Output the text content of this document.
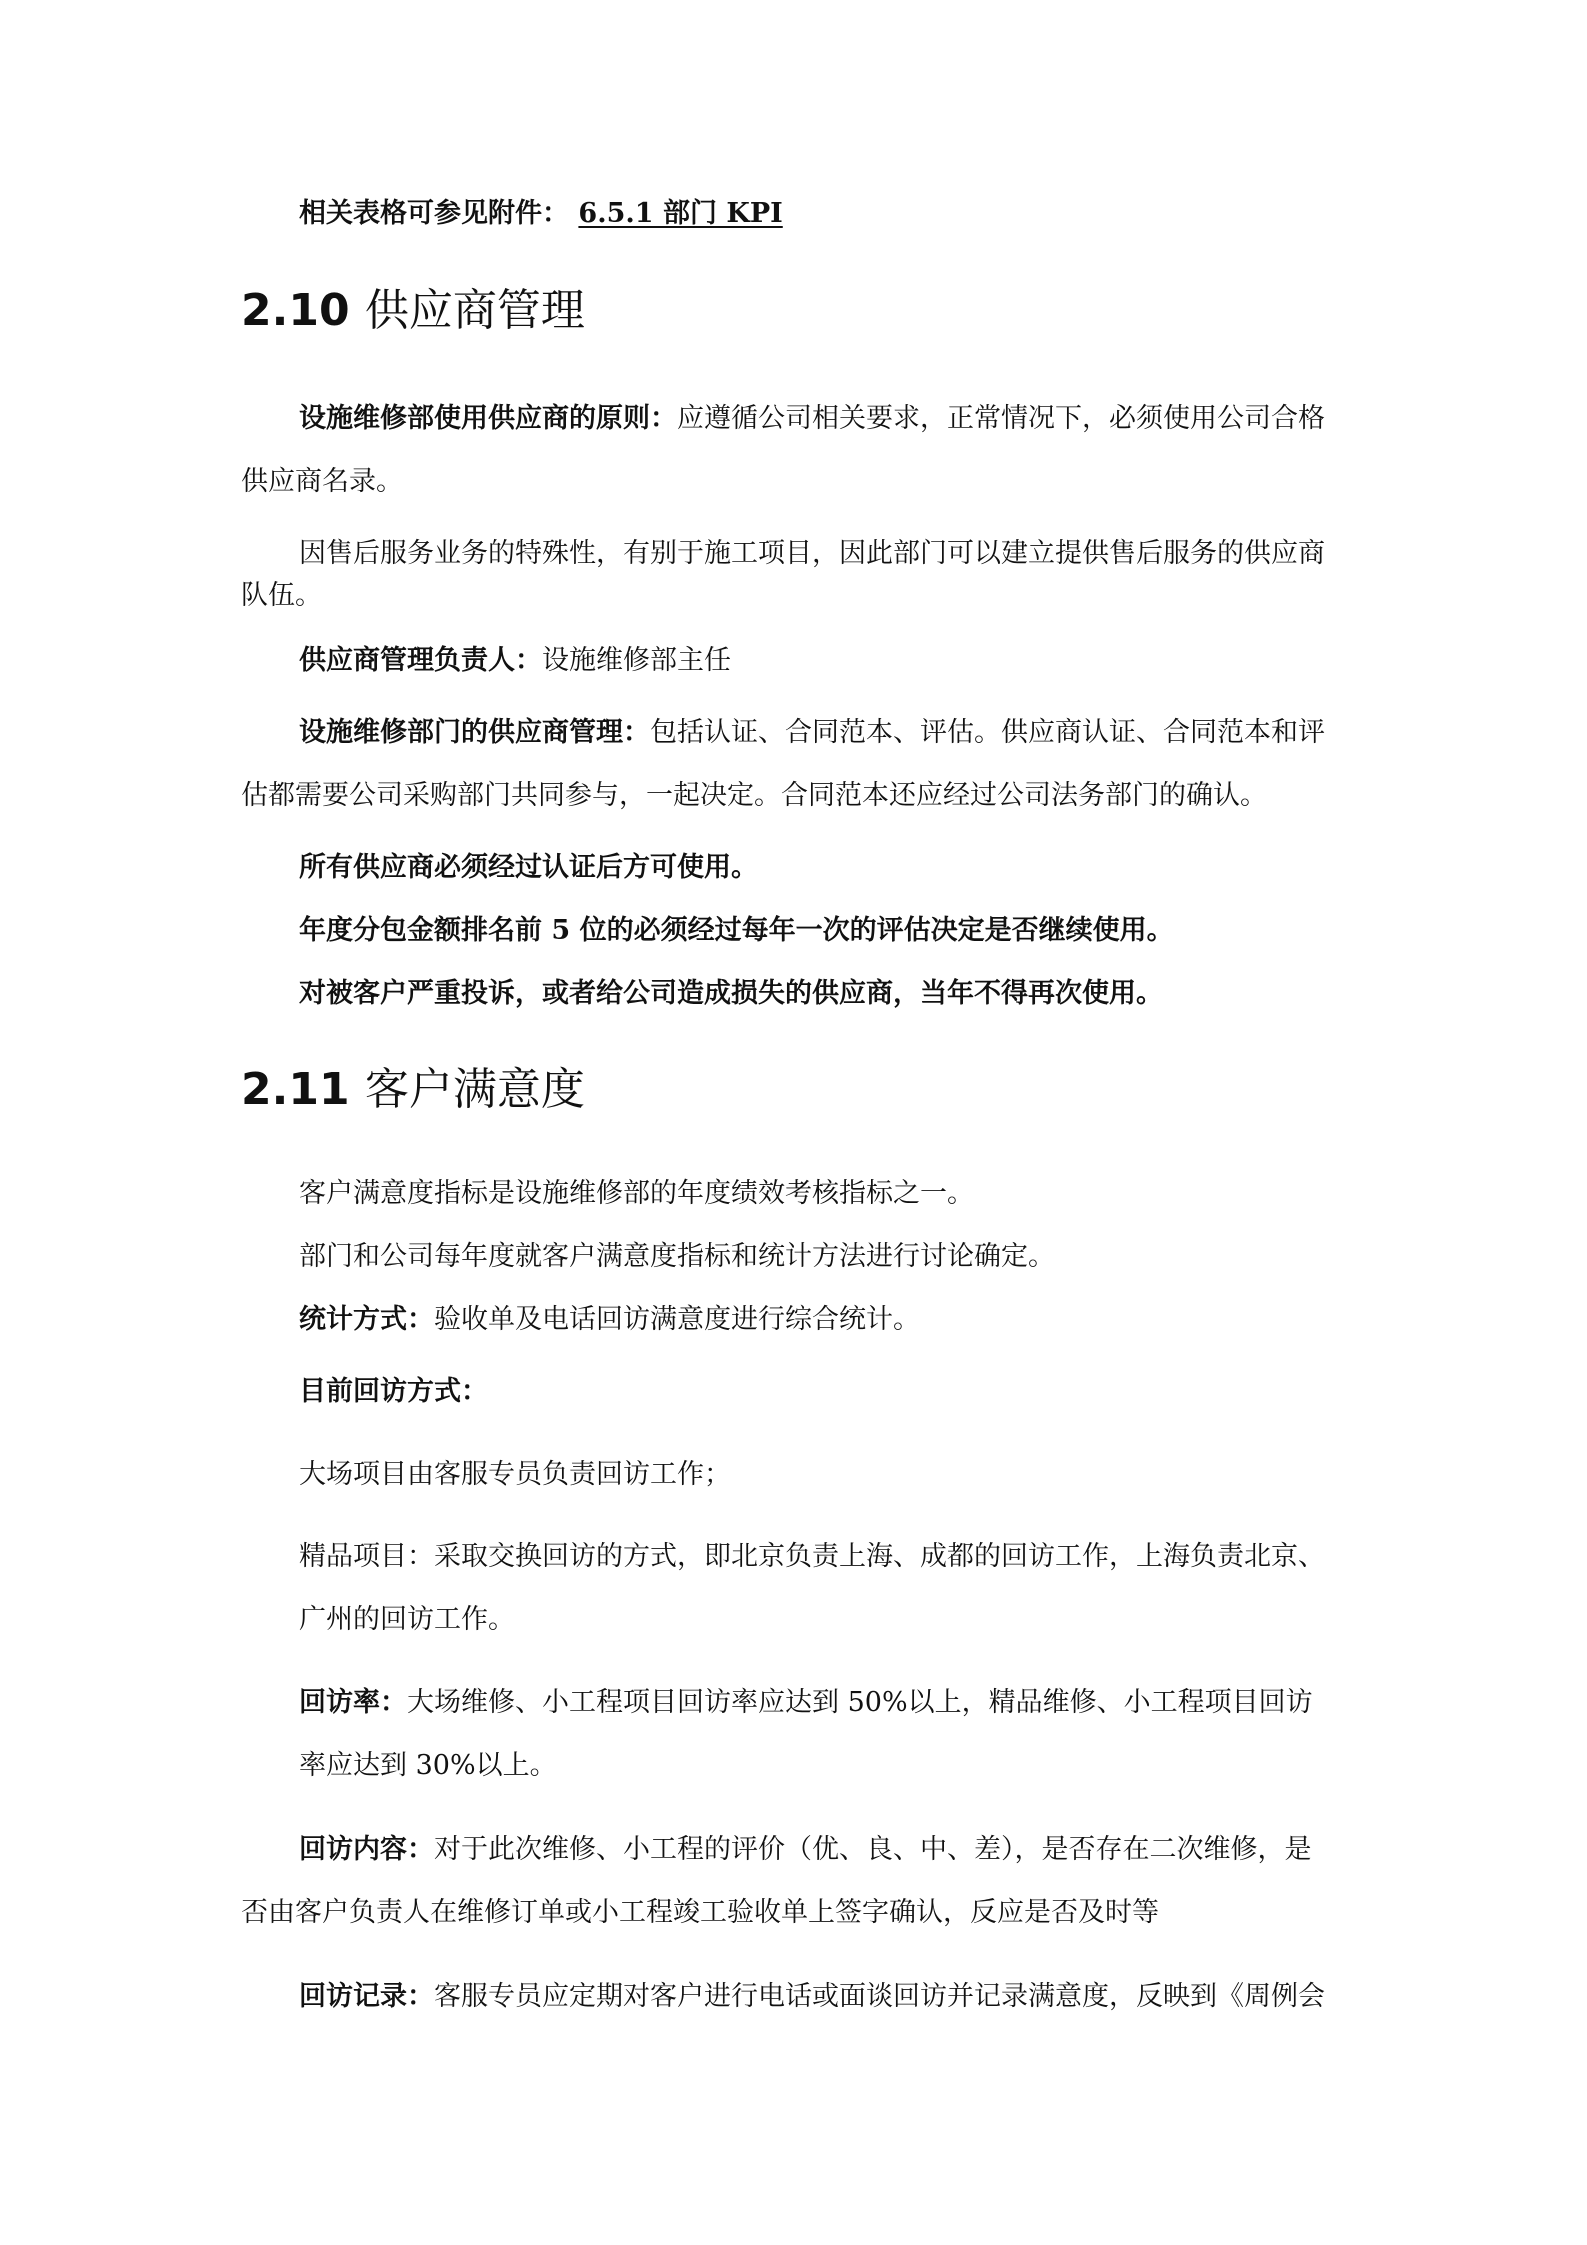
相关表格可参见附件： 6.5.1 部门 KPI

2.10 供应商管理

设施维修部使用供应商的原则：应遵循公司相关要求，正常情况下，必须使用公司合格

供应商名录。

因售后服务业务的特殊性，有别于施工项目，因此部门可以建立提供售后服务的供应商

队伍。

供应商管理负责人：设施维修部主任

设施维修部门的供应商管理：包括认证、合同范本、评估。供应商认证、合同范本和评

估都需要公司采购部门共同参与，一起决定。合同范本还应经过公司法务部门的确认。

所有供应商必须经过认证后方可使用。

年度分包金额排名前 5 位的必须经过每年一次的评估决定是否继续使用。

对被客户严重投诉，或者给公司造成损失的供应商，当年不得再次使用。

2.11 客户满意度

客户满意度指标是设施维修部的年度绩效考核指标之一。

部门和公司每年度就客户满意度指标和统计方法进行讨论确定。

统计方式：验收单及电话回访满意度进行综合统计。

目前回访方式：

大场项目由客服专员负责回访工作；

精品项目：采取交换回访的方式，即北京负责上海、成都的回访工作，上海负责北京、

广州的回访工作。

回访率：大场维修、小工程项目回访率应达到 50%以上，精品维修、小工程项目回访

率应达到 30%以上。

回访内容：对于此次维修、小工程的评价（优、良、中、差），是否存在二次维修，是

否由客户负责人在维修订单或小工程竣工验收单上签字确认，反应是否及时等

回访记录：客服专员应定期对客户进行电话或面谈回访并记录满意度，反映到《周例会
